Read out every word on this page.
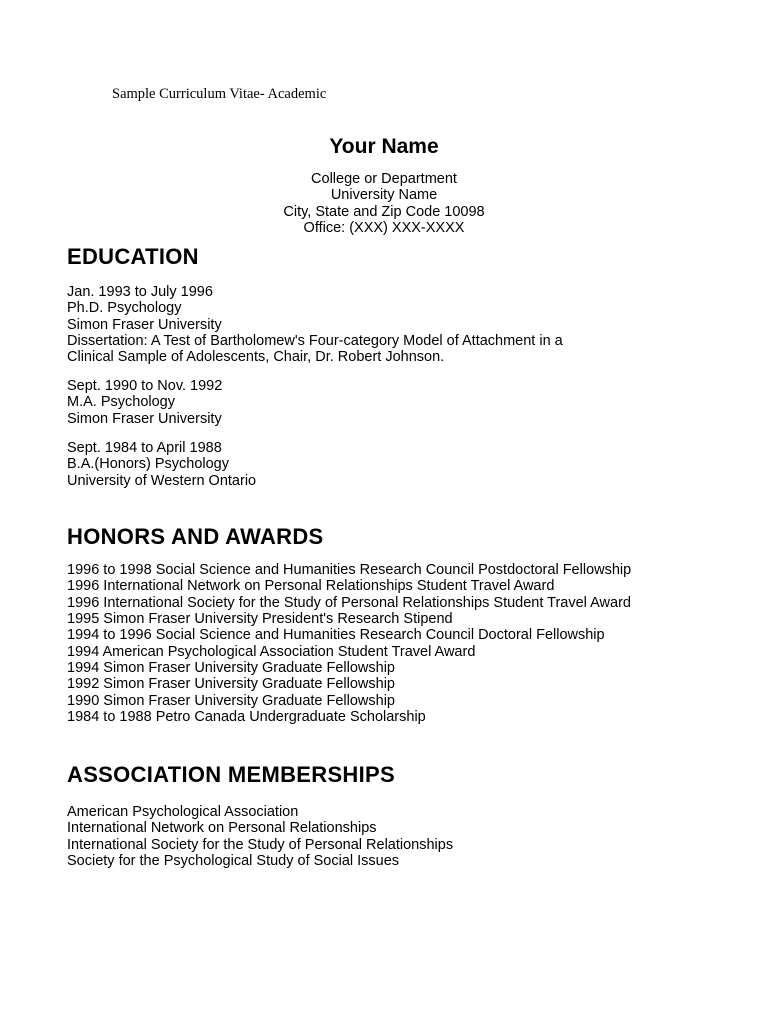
Sample Curriculum Vitae- Academic
Your Name
College or Department
University Name
City, State and Zip Code 10098
Office: (XXX) XXX-XXXX
EDUCATION
Jan. 1993 to July 1996
Ph.D. Psychology
Simon Fraser University
Dissertation: A Test of Bartholomew's Four-category Model of Attachment in a
Clinical Sample of Adolescents, Chair, Dr. Robert Johnson.
Sept. 1990 to Nov. 1992
M.A. Psychology
Simon Fraser University
Sept. 1984 to April 1988
B.A.(Honors) Psychology
University of Western Ontario
HONORS AND AWARDS
1996 to 1998 Social Science and Humanities Research Council Postdoctoral Fellowship
1996 International Network on Personal Relationships Student Travel Award
1996 International Society for the Study of Personal Relationships Student Travel Award
1995 Simon Fraser University President's Research Stipend
1994 to 1996 Social Science and Humanities Research Council Doctoral Fellowship
1994 American Psychological Association Student Travel Award
1994 Simon Fraser University Graduate Fellowship
1992 Simon Fraser University Graduate Fellowship
1990 Simon Fraser University Graduate Fellowship
1984 to 1988 Petro Canada Undergraduate Scholarship
ASSOCIATION MEMBERSHIPS
American Psychological Association
International Network on Personal Relationships
International Society for the Study of Personal Relationships
Society for the Psychological Study of Social Issues
